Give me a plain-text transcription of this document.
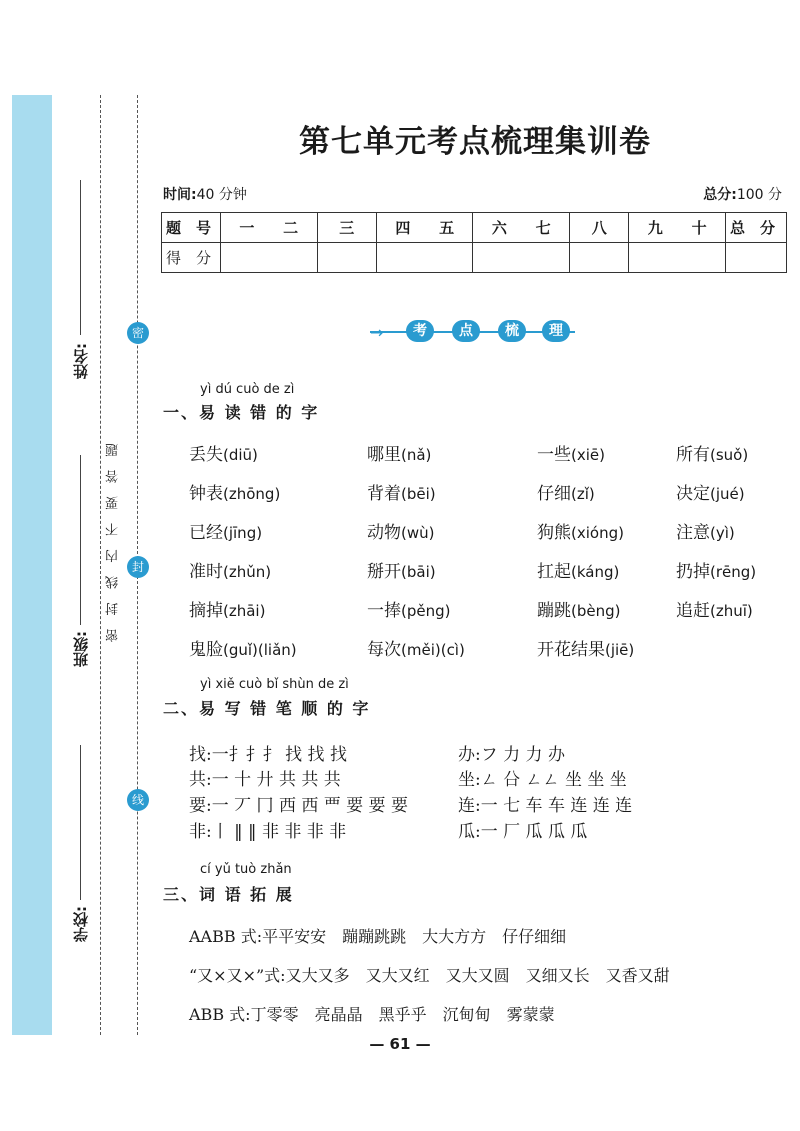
姓名:
班级:
学校:
密封线内不要答题
密
封
线
第七单元考点梳理集训卷
时间:40 分钟	总分:100 分
题　号	一 二	三	四 五	六 七	八	九 十	总　分
得　分							
→	考	点	梳	理
yì dú cuò de zì
一、易 读 错 的 字
丢失(diū)	哪里(nǎ)	一些(xiē)	所有(suǒ)
钟表(zhōng)	背着(bēi)	仔细(zǐ)	决定(jué)
已经(jīng)	动物(wù)	狗熊(xióng)	注意(yì)
准时(zhǔn)	掰开(bāi)	扛起(káng)	扔掉(rēng)
摘掉(zhāi)	一捧(pěng)	蹦跳(bèng)	追赶(zhuī)
鬼脸(guǐ)(liǎn)	每次(měi)(cì)	开花结果(jiē)
yì xiě cuò bǐ shùn de zì
二、易 写 错 笔 顺 的 字
找:一扌扌扌 找 找 找	办:フ 力 力 办
共:一 十 廾 共 共 共	坐:ㄥ 㕣 ㄥㄥ 坐 坐 坐
要:一 丆 冂 西 西 覀 要 要 要	连:一 七 车 车 连 连 连
非:丨 ‖ ‖ 非 非 非 非	瓜:一 厂 瓜 瓜 瓜
cí yǔ tuò zhǎn
三、词 语 拓 展
AABB 式:平平安安 蹦蹦跳跳 大大方方 仔仔细细
“又×又×”式:又大又多 又大又红 又大又圆 又细又长 又香又甜
ABB 式:丁零零 亮晶晶 黑乎乎 沉甸甸 雾蒙蒙
— 61 —
